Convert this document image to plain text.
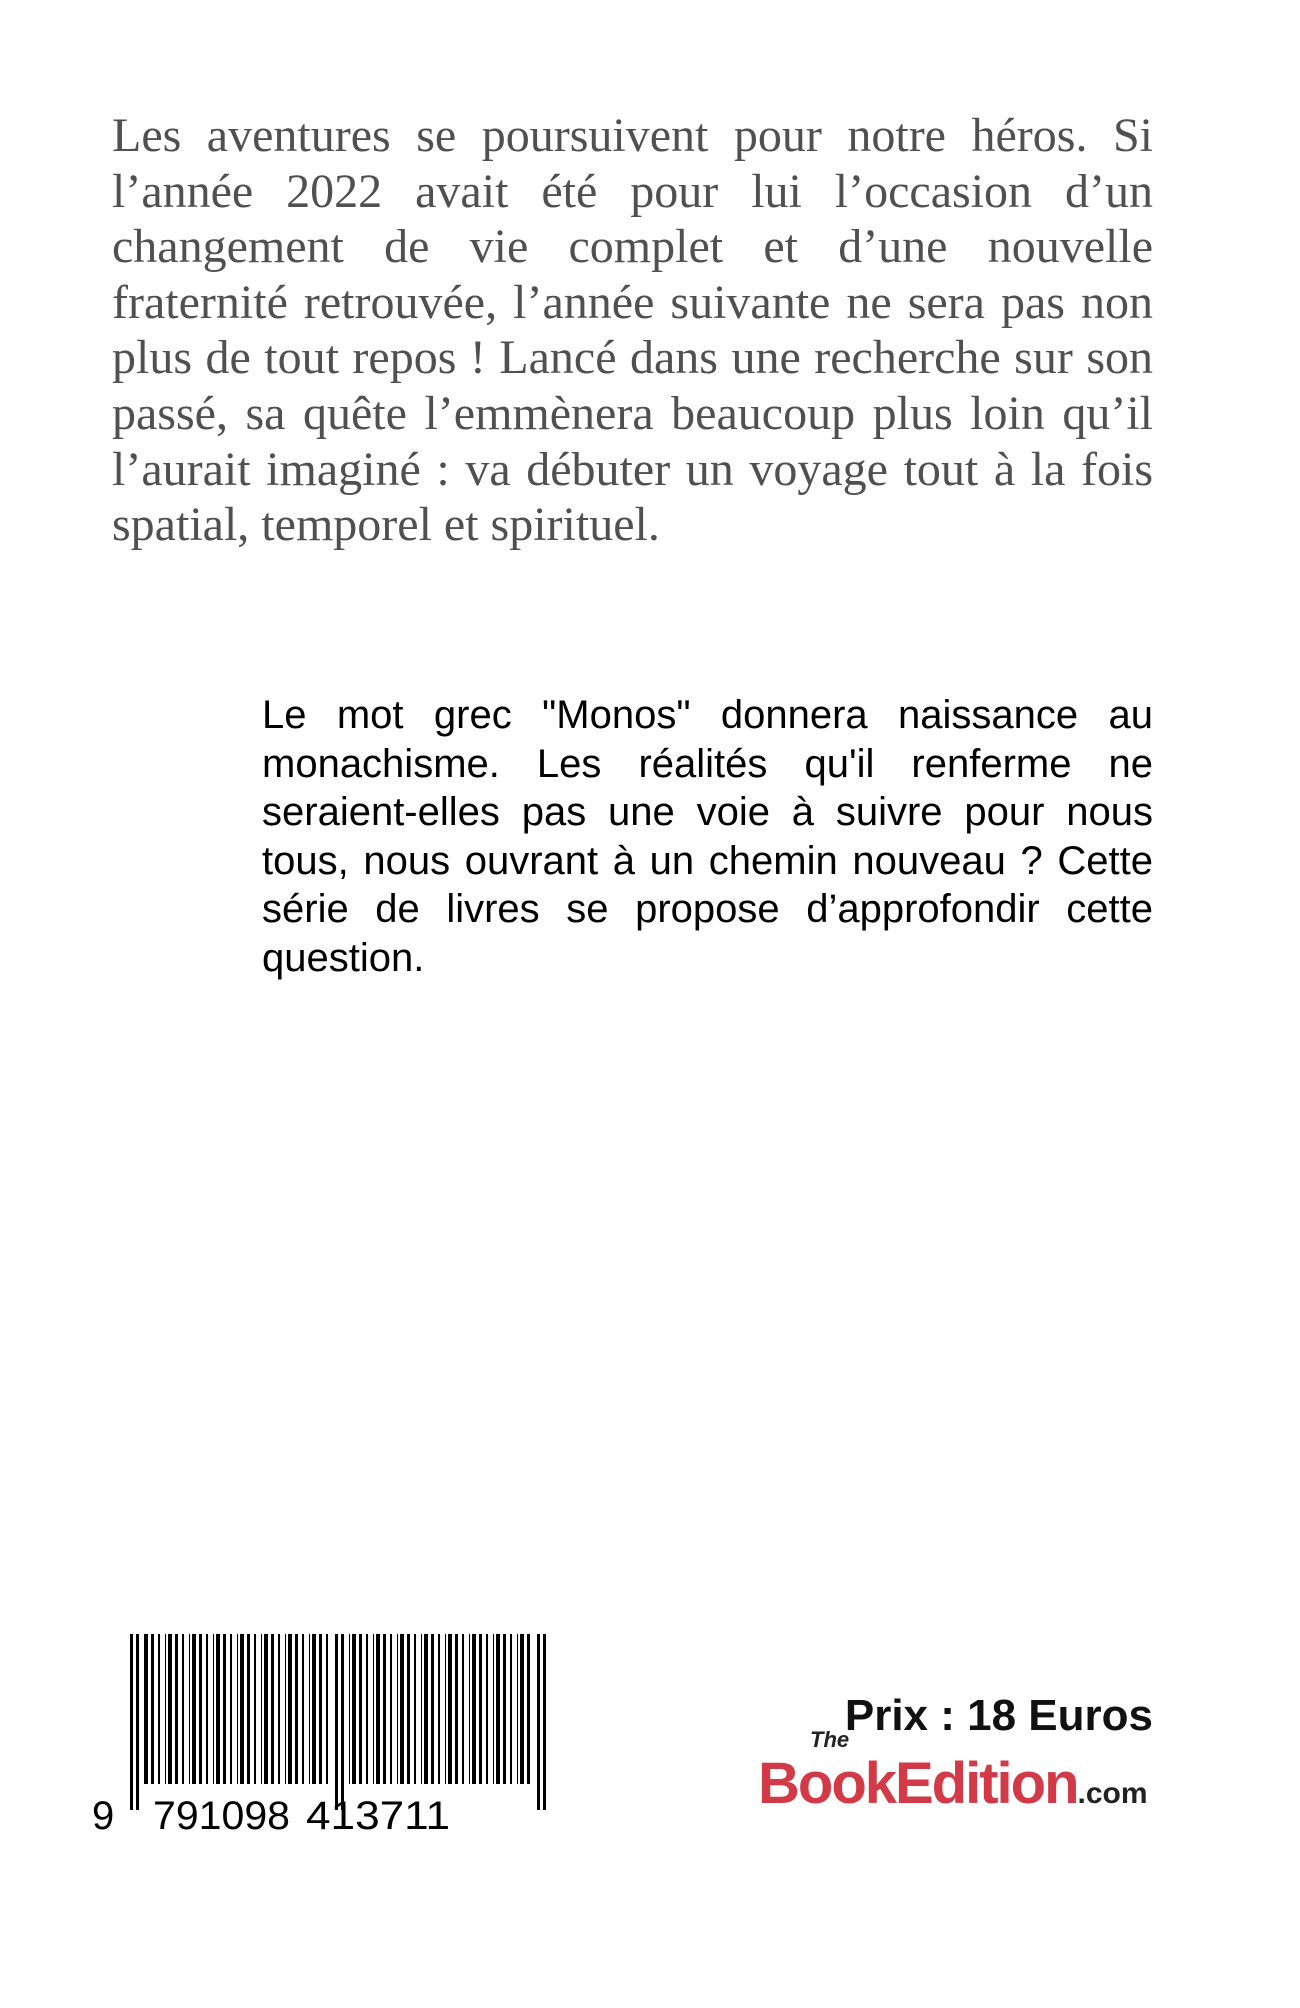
Les aventures se poursuivent pour notre héros. Si l’année 2022 avait été pour lui l’occasion d’un changement de vie complet et d’une nouvelle fraternité retrouvée, l’année suivante ne sera pas non plus de tout repos ! Lancé dans une recherche sur son passé, sa quête l’emmènera beaucoup plus loin qu’il l’aurait imaginé : va débuter un voyage tout à la fois spatial, temporel et spirituel.

Le mot grec "Monos" donnera naissance au monachisme. Les réalités qu'il renferme ne seraient-elles pas une voie à suivre pour nous tous, nous ouvrant à un chemin nouveau ? Cette série de livres se propose d’approfondir cette question.

9 791098 413711

Prix : 18 Euros

The
BookEdition.com
